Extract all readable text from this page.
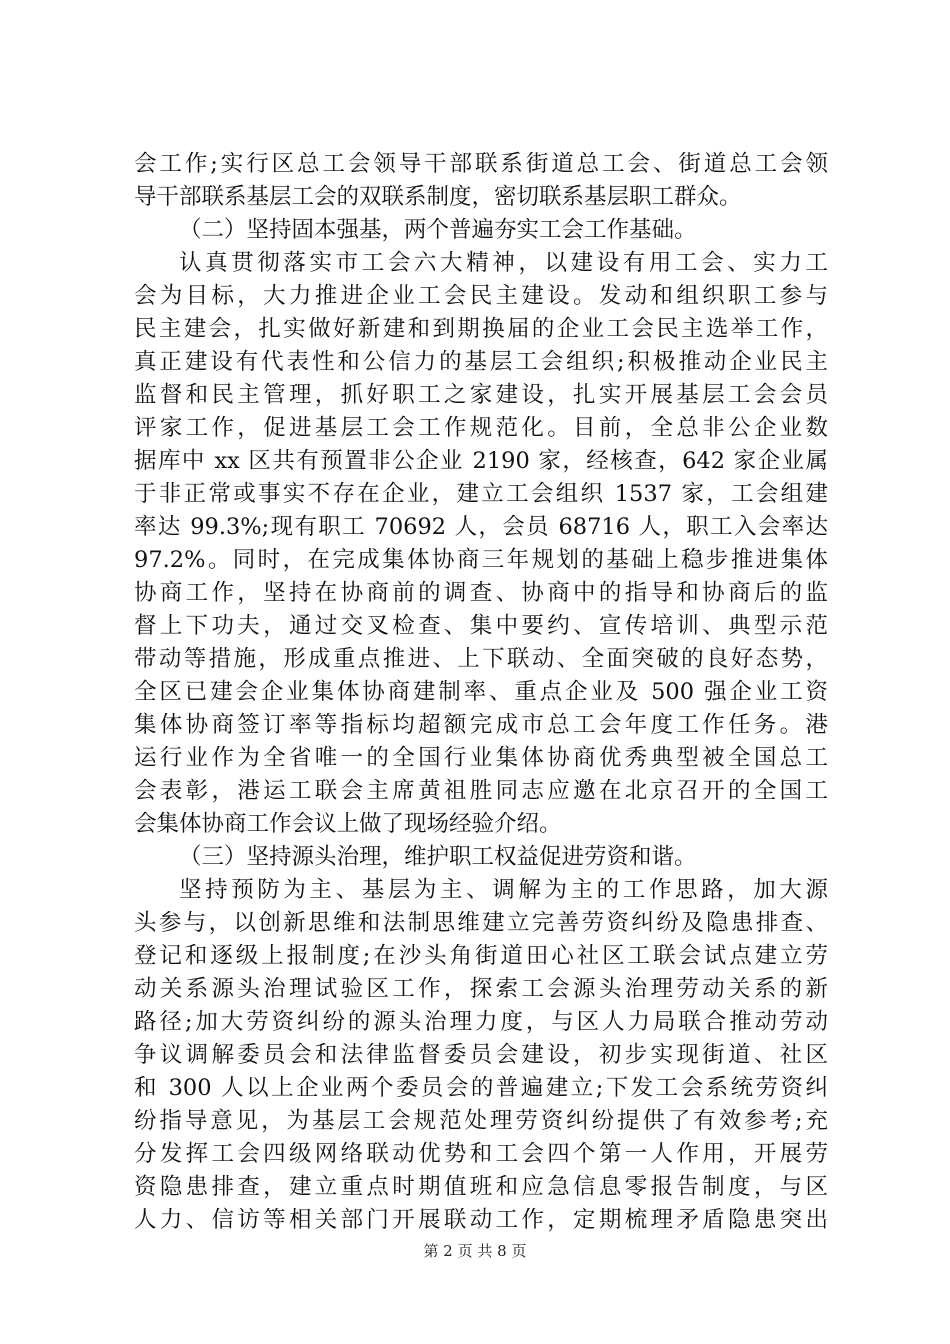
会工作;实行区总工会领导干部联系街道总工会、街道总工会领
导干部联系基层工会的双联系制度，密切联系基层职工群众。
（二）坚持固本强基，两个普遍夯实工会工作基础。
认真贯彻落实市工会六大精神，以建设有用工会、实力工
会为目标，大力推进企业工会民主建设。发动和组织职工参与
民主建会，扎实做好新建和到期换届的企业工会民主选举工作，
真正建设有代表性和公信力的基层工会组织;积极推动企业民主
监督和民主管理，抓好职工之家建设，扎实开展基层工会会员
评家工作，促进基层工会工作规范化。目前，全总非公企业数
据库中 xx 区共有预置非公企业 2190 家，经核查，642 家企业属
于非正常或事实不存在企业，建立工会组织 1537 家，工会组建
率达 99.3%;现有职工 70692 人，会员 68716 人，职工入会率达
97.2%。同时，在完成集体协商三年规划的基础上稳步推进集体
协商工作，坚持在协商前的调查、协商中的指导和协商后的监
督上下功夫，通过交叉检查、集中要约、宣传培训、典型示范
带动等措施，形成重点推进、上下联动、全面突破的良好态势，
全区已建会企业集体协商建制率、重点企业及 500 强企业工资
集体协商签订率等指标均超额完成市总工会年度工作任务。港
运行业作为全省唯一的全国行业集体协商优秀典型被全国总工
会表彰，港运工联会主席黄祖胜同志应邀在北京召开的全国工
会集体协商工作会议上做了现场经验介绍。
（三）坚持源头治理，维护职工权益促进劳资和谐。
坚持预防为主、基层为主、调解为主的工作思路，加大源
头参与，以创新思维和法制思维建立完善劳资纠纷及隐患排查、
登记和逐级上报制度;在沙头角街道田心社区工联会试点建立劳
动关系源头治理试验区工作，探索工会源头治理劳动关系的新
路径;加大劳资纠纷的源头治理力度，与区人力局联合推动劳动
争议调解委员会和法律监督委员会建设，初步实现街道、社区
和 300 人以上企业两个委员会的普遍建立;下发工会系统劳资纠
纷指导意见，为基层工会规范处理劳资纠纷提供了有效参考;充
分发挥工会四级网络联动优势和工会四个第一人作用，开展劳
资隐患排查，建立重点时期值班和应急信息零报告制度，与区
人力、信访等相关部门开展联动工作，定期梳理矛盾隐患突出
第 2 页 共 8 页
